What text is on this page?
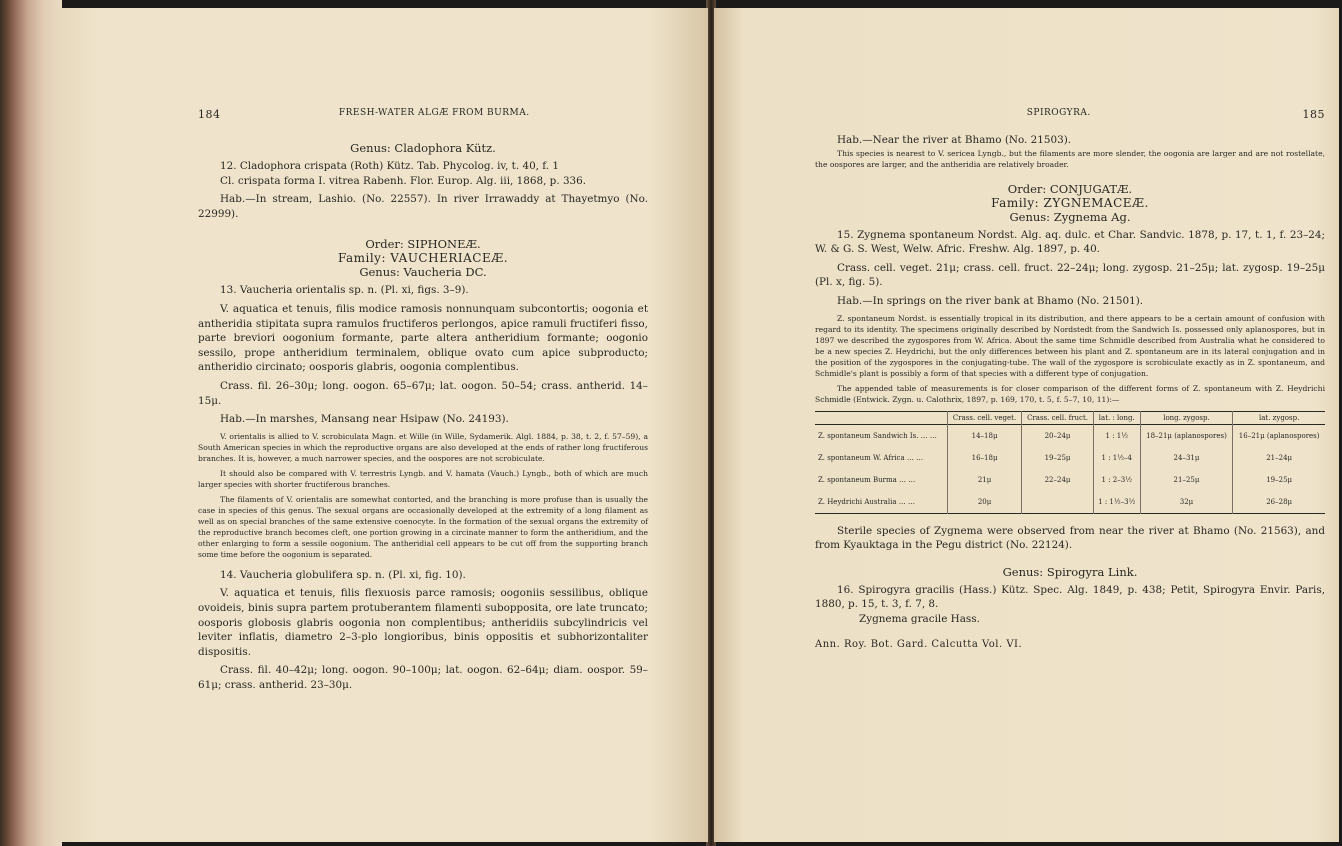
184	FRESH-WATER ALGÆ FROM BURMA.
Genus: Cladophora Kütz.

12. Cladophora crispata (Roth) Kütz. Tab. Phycolog. iv, t. 40, f. 1

Cl. crispata forma I. vitrea Rabenh. Flor. Europ. Alg. iii, 1868, p. 336.

Hab.—In stream, Lashio. (No. 22557). In river Irrawaddy at Thayetmyo (No. 22999).

Order: SIPHONEÆ.
Family: VAUCHERIACEÆ.
Genus: Vaucheria DC.

13. Vaucheria orientalis sp. n. (Pl. xi, figs. 3–9).

V. aquatica et tenuis, filis modice ramosis nonnunquam subcontortis; oogonia et antheridia stipitata supra ramulos fructiferos perlongos, apice ramuli fructiferi fisso, parte breviori oogonium formante, parte altera antheridium formante; oogonio sessilo, prope antheridium terminalem, oblique ovato cum apice subproducto; antheridio circinato; oosporis glabris, oogonia complentibus.

Crass. fil. 26–30μ; long. oogon. 65–67μ; lat. oogon. 50–54; crass. antherid. 14–15μ.

Hab.—In marshes, Mansang near Hsipaw (No. 24193).

V. orientalis is allied to V. scrobiculata Magn. et Wille (in Wille, Sydamerik. Algl. 1884, p. 38, t. 2, f. 57–59), a South American species in which the reproductive organs are also developed at the ends of rather long fructiferous branches. It is, however, a much narrower species, and the oospores are not scrobiculate.

It should also be compared with V. terrestris Lyngb. and V. hamata (Vauch.) Lyngb., both of which are much larger species with shorter fructiferous branches.

The filaments of V. orientalis are somewhat contorted, and the branching is more profuse than is usually the case in species of this genus. The sexual organs are occasionally developed at the extremity of a long filament as well as on special branches of the same extensive coenocyte. In the formation of the sexual organs the extremity of the reproductive branch becomes cleft, one portion growing in a circinate manner to form the antheridium, and the other enlarging to form a sessile oogonium. The antheridial cell appears to be cut off from the supporting branch some time before the oogonium is separated.

14. Vaucheria globulifera sp. n. (Pl. xi, fig. 10).

V. aquatica et tenuis, filis flexuosis parce ramosis; oogoniis sessilibus, oblique ovoideis, binis supra partem protuberantem filamenti subopposita, ore late truncato; oosporis globosis glabris oogonia non complentibus; antheridiis subcylindricis vel leviter inflatis, diametro 2–3-plo longioribus, binis oppositis et subhorizontaliter dispositis.

Crass. fil. 40–42μ; long. oogon. 90–100μ; lat. oogon. 62–64μ; diam. oospor. 59–61μ; crass. antherid. 23–30μ.

SPIROGYRA.	185

Hab.—Near the river at Bhamo (No. 21503).

This species is nearest to V. sericea Lyngb., but the filaments are more slender, the oogonia are larger and are not rostellate, the oospores are larger, and the antheridia are relatively broader.

Order: CONJUGATÆ.
Family: ZYGNEMACEÆ.
Genus: Zygnema Ag.

15. Zygnema spontaneum Nordst. Alg. aq. dulc. et Char. Sandvic. 1878, p. 17, t. 1, f. 23–24; W. & G. S. West, Welw. Afric. Freshw. Alg. 1897, p. 40.

Crass. cell. veget. 21μ; crass. cell. fruct. 22–24μ; long. zygosp. 21–25μ; lat. zygosp. 19–25μ (Pl. x, fig. 5).

Hab.—In springs on the river bank at Bhamo (No. 21501).

Z. spontaneum Nordst. is essentially tropical in its distribution, and there appears to be a certain amount of confusion with regard to its identity. The specimens originally described by Nordstedt from the Sandwich Is. possessed only aplanospores, but in 1897 we described the zygospores from W. Africa. About the same time Schmidle described from Australia what he considered to be a new species Z. Heydrichi, but the only differences between his plant and Z. spontaneum are in its lateral conjugation and in the position of the zygospores in the conjugating-tube. The wall of the zygospore is scrobiculate exactly as in Z. spontaneum, and Schmidle's plant is possibly a form of that species with a different type of conjugation.

The appended table of measurements is for closer comparison of the different forms of Z. spontaneum with Z. Heydrichi Schmidle (Entwick. Zygn. u. Calothrix, 1897, p. 169, 170, t. 5, f. 5–7, 10, 11):—

	Crass. cell. veget.	Crass. cell. fruct.	lat. : long.	long. zygosp.	lat. zygosp.
Z. spontaneum Sandwich Is. … …	14–18μ	20–24μ	1 : 1½	18–21μ (aplanospores)	16–21μ (aplanospores)
Z. spontaneum W. Africa … …	16–18μ	19–25μ	1 : 1½–4	24–31μ	21–24μ
Z. spontaneum Burma … …	21μ	22–24μ	1 : 2–3½	21–25μ	19–25μ
Z. Heydrichi Australia … …	20μ		1 : 1½–3½	32μ	26–28μ

Sterile species of Zygnema were observed from near the river at Bhamo (No. 21563), and from Kyauktaga in the Pegu district (No. 22124).

Genus: Spirogyra Link.

16. Spirogyra gracilis (Hass.) Kütz. Spec. Alg. 1849, p. 438; Petit, Spirogyra Envir. Paris, 1880, p. 15, t. 3, f. 7, 8.

Zygnema gracile Hass.

Ann. Roy. Bot. Gard. Calcutta Vol. VI.
